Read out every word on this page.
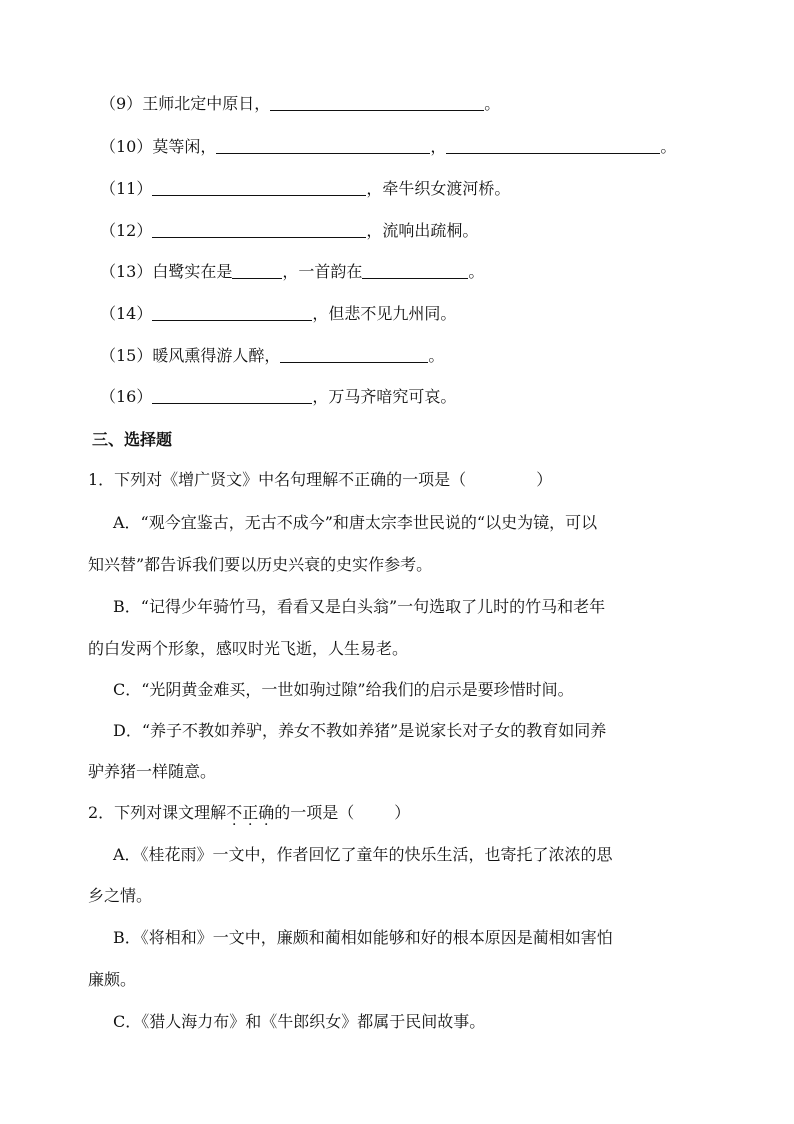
（9）王师北定中原日，	。
（10）莫等闲，	，	。
（11）	，牵牛织女渡河桥。
（12）	，流响出疏桐。
（13）白鹭实在是	，一首韵在	。
（14）	，但悲不见九州同。
（15）暖风熏得游人醉，	。
（16）	，万马齐喑究可哀。
三、选择题
1．下列对《增广贤文》中名句理解不正确的一项是（	）
A．“观今宜鉴古，无古不成今”和唐太宗李世民说的“以史为镜，可以
知兴替”都告诉我们要以历史兴衰的史实作参考。
B．“记得少年骑竹马，看看又是白头翁”一句选取了儿时的竹马和老年
的白发两个形象，感叹时光飞逝，人生易老。
C．“光阴黄金难买，一世如驹过隙”给我们的启示是要珍惜时间。
D．“养子不教如养驴，养女不教如养猪”是说家长对子女的教育如同养
驴养猪一样随意。
2．下列对课文理解不正确的一项是（	）
A．《桂花雨》一文中，作者回忆了童年的快乐生活，也寄托了浓浓的思
乡之情。
B．《将相和》一文中，廉颇和蔺相如能够和好的根本原因是蔺相如害怕
廉颇。
C．《猎人海力布》和《牛郎织女》都属于民间故事。
